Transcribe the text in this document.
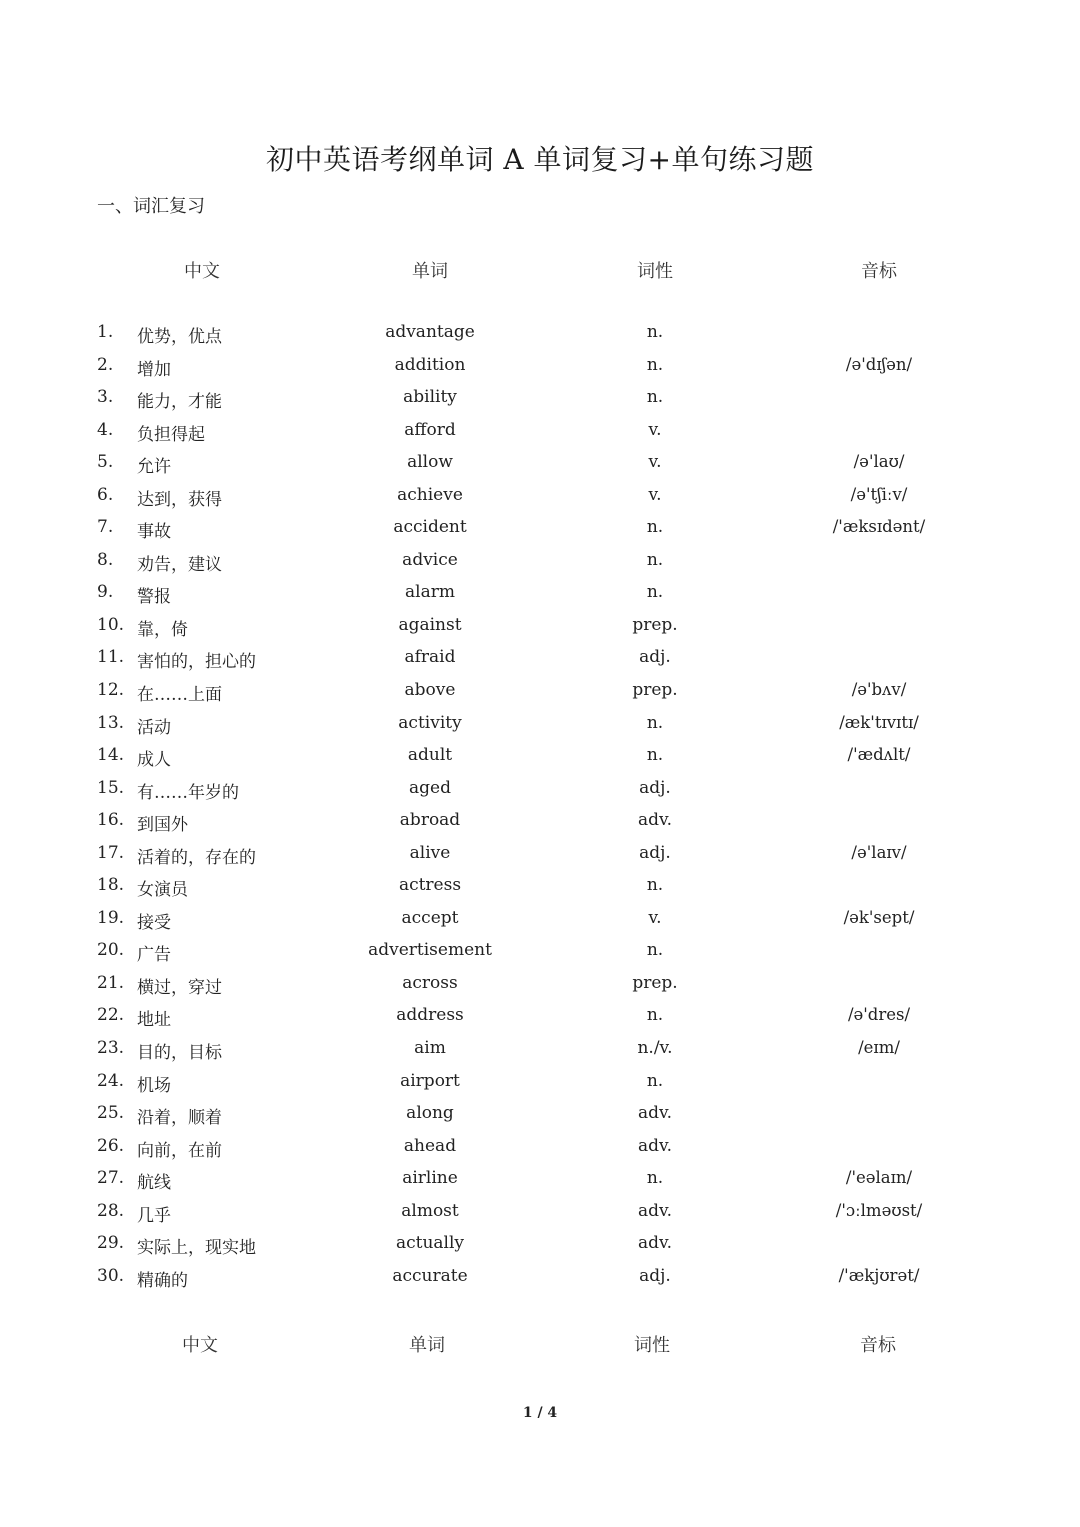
初中英语考纲单词 A 单词复习+单句练习题
一、词汇复习
中文	单词	词性	音标
1.	优势，优点	advantage	n.
2.	增加	addition	n.	/ə'dɪʃən/
3.	能力，才能	ability	n.
4.	负担得起	afford	v.
5.	允许	allow	v.	/ə'laʊ/
6.	达到，获得	achieve	v.	/ə'tʃiːv/
7.	事故	accident	n.	/'æksɪdənt/
8.	劝告，建议	advice	n.
9.	警报	alarm	n.
10. 靠，倚	against	prep.
11. 害怕的，担心的	afraid	adj.
12. 在……上面	above	prep.	/ə'bʌv/
13. 活动	activity	n.	/æk'tɪvɪtɪ/
14. 成人	adult	n.	/'ædʌlt/
15. 有……年岁的	aged	adj.
16. 到国外	abroad	adv.
17. 活着的，存在的	alive	adj.	/ə'laɪv/
18. 女演员	actress	n.
19. 接受	accept	v.	/ək'sept/
20. 广告	advertisement	n.
21. 横过，穿过	across	prep.
22. 地址	address	n.	/ə'dres/
23. 目的，目标	aim	n./v.	/eɪm/
24. 机场	airport	n.
25. 沿着，顺着	along	adv.
26. 向前，在前	ahead	adv.
27. 航线	airline	n.	/'eəlaɪn/
28. 几乎	almost	adv.	/'ɔːlməʊst/
29. 实际上，现实地	actually	adv.
30. 精确的	accurate	adj.	/'ækjʊrət/
中文	单词	词性	音标
1 / 4
